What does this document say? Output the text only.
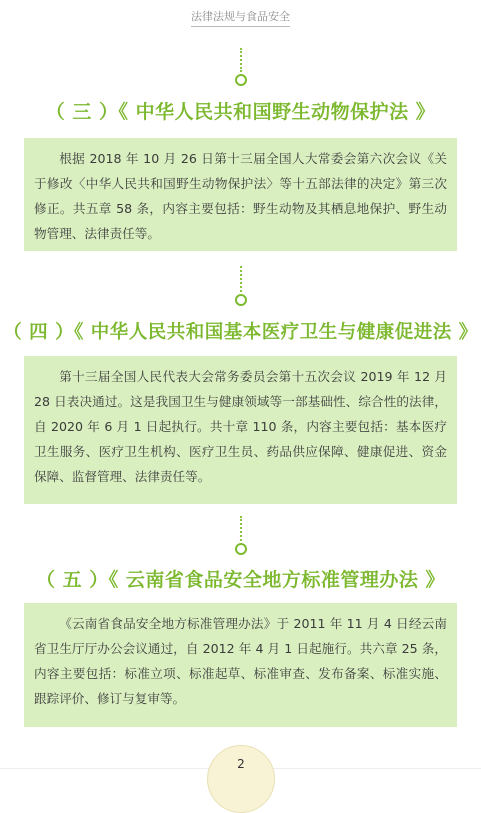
法律法规与食品安全
（ 三 ）《 中华人民共和国野生动物保护法 》

根据 2018 年 10 月 26 日第十三届全国人大常委会第六次会议《关于修改〈中华人民共和国野生动物保护法〉等十五部法律的决定》第三次修正。共五章 58 条，内容主要包括：野生动物及其栖息地保护、野生动物管理、法律责任等。

（ 四 ）《 中华人民共和国基本医疗卫生与健康促进法 》

第十三届全国人民代表大会常务委员会第十五次会议 2019 年 12 月 28 日表决通过。这是我国卫生与健康领域等一部基础性、综合性的法律，自 2020 年 6 月 1 日起执行。共十章 110 条，内容主要包括：基本医疗卫生服务、医疗卫生机构、医疗卫生员、药品供应保障、健康促进、资金保障、监督管理、法律责任等。

（ 五 ）《 云南省食品安全地方标准管理办法 》

《云南省食品安全地方标准管理办法》于 2011 年 11 月 4 日经云南省卫生厅厅办公会议通过，自 2012 年 4 月 1 日起施行。共六章 25 条，内容主要包括：标准立项、标准起草、标准审查、发布备案、标准实施、跟踪评价、修订与复审等。

2
